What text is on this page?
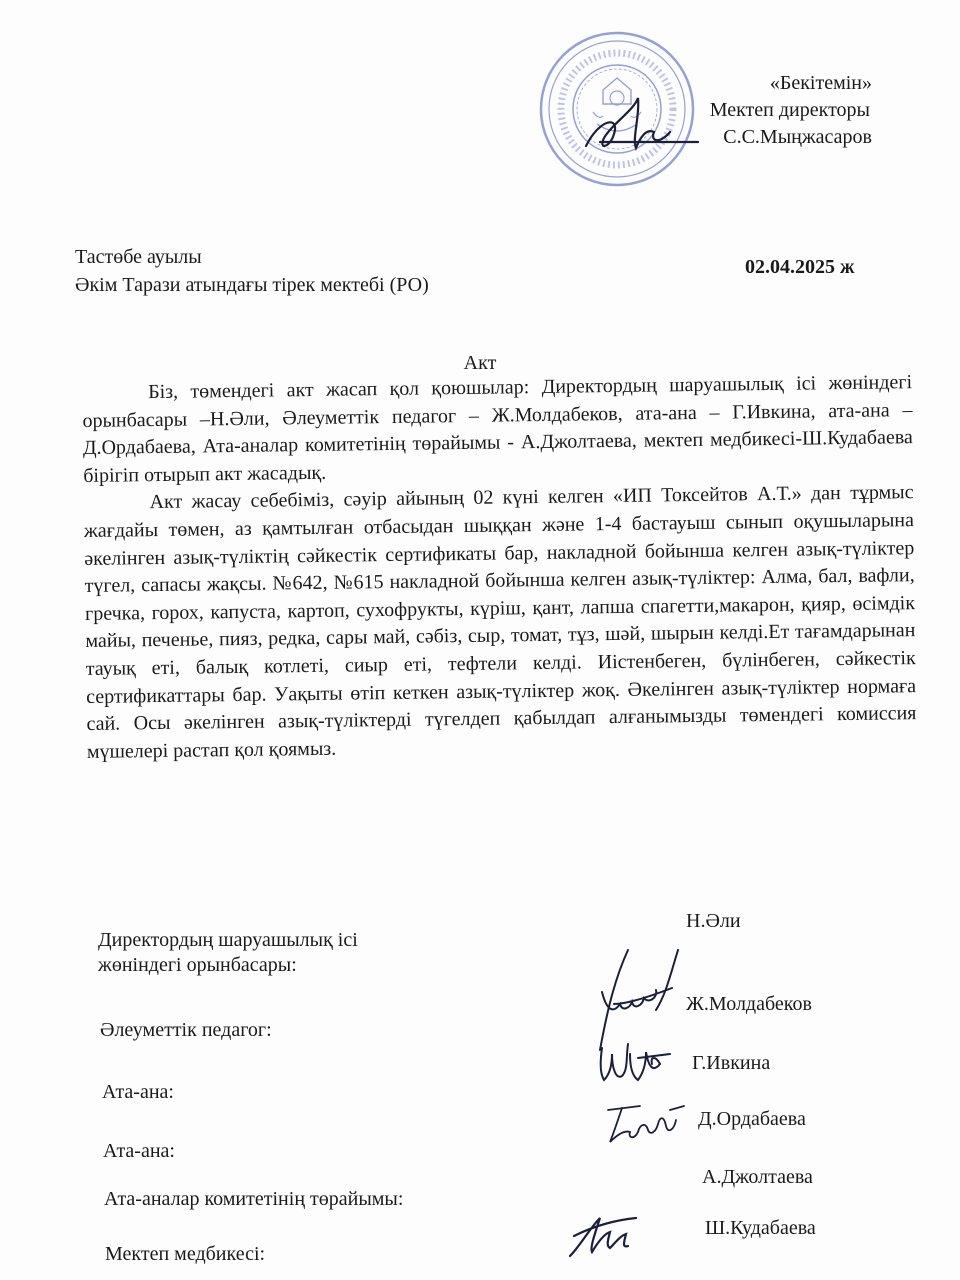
«Бекітемін»
Мектеп директоры
С.С.Мыңжасаров
Тастөбе ауылы
Әкім Тарази атындағы тірек мектебі (РО)
02.04.2025 ж
Акт

Біз, төмендегі акт жасап қол қоюшылар: Директордың шаруашылық ісі жөніндегі орынбасары –Н.Әли, Әлеуметтік педагог – Ж.Молдабеков, ата-ана – Г.Ивкина, ата-ана – Д.Ордабаева, Ата-аналар комитетінің төрайымы - А.Джолтаева, мектеп медбикесі-Ш.Кудабаева бірігіп отырып акт жасадық.

Акт жасау себебіміз, сәуір айының 02 күні келген «ИП Токсейтов А.Т.» дан тұрмыс жағдайы төмен, аз қамтылған отбасыдан шыққан және 1-4 бастауыш сынып оқушыларына әкелінген азық-түліктің сәйкестік сертификаты бар, накладной бойынша келген азық-түліктер түгел, сапасы жақсы. №642, №615 накладной бойынша келген азық-түліктер: Алма, бал, вафли, гречка, горох, капуста, картоп, сухофрукты, күріш, қант, лапша спагетти,макарон, қияр, өсімдік майы, печенье, пияз, редка, сары май, сәбіз, сыр, томат, тұз, шәй, шырын келді.Ет тағамдарынан тауық еті, балық котлеті, сиыр еті, тефтели келді. Иістенбеген, бүлінбеген, сәйкестік сертификаттары бар. Уақыты өтіп кеткен азық-түліктер жоқ. Әкелінген азық-түліктер нормаға сай. Осы әкелінген азық-түліктерді түгелдеп қабылдап алғанымызды төмендегі комиссия мүшелері растап қол қоямыз.

Директордың шаруашылық ісі
жөніндегі орынбасары:
Н.Әли
Әлеуметтік педагог:
Ж.Молдабеков
Ата-ана:
Г.Ивкина
Ата-ана:
Д.Ордабаева
Ата-аналар комитетінің төрайымы:
А.Джолтаева
Мектеп медбикесі:
Ш.Кудабаева
